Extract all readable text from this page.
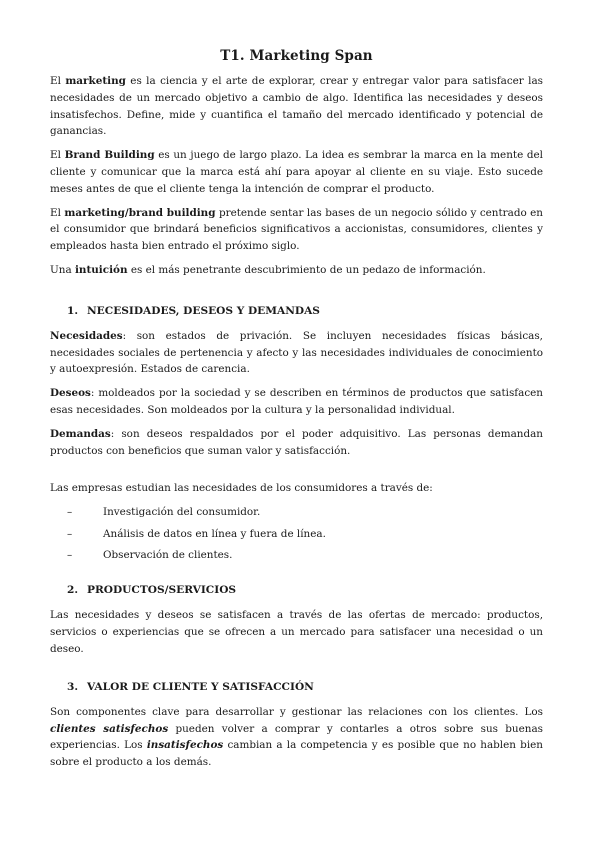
T1. Marketing Span

El marketing es la ciencia y el arte de explorar, crear y entregar valor para satisfacer las necesidades de un mercado objetivo a cambio de algo. Identifica las necesidades y deseos insatisfechos. Define, mide y cuantifica el tamaño del mercado identificado y potencial de ganancias.

El Brand Building es un juego de largo plazo. La idea es sembrar la marca en la mente del cliente y comunicar que la marca está ahí para apoyar al cliente en su viaje. Esto sucede meses antes de que el cliente tenga la intención de comprar el producto.

El marketing/brand building pretende sentar las bases de un negocio sólido y centrado en el consumidor que brindará beneficios significativos a accionistas, consumidores, clientes y empleados hasta bien entrado el próximo siglo.

Una intuición es el más penetrante descubrimiento de un pedazo de información.

1. NECESIDADES, DESEOS Y DEMANDAS

Necesidades: son estados de privación. Se incluyen necesidades físicas básicas, necesidades sociales de pertenencia y afecto y las necesidades individuales de conocimiento y autoexpresión. Estados de carencia.

Deseos: moldeados por la sociedad y se describen en términos de productos que satisfacen esas necesidades. Son moldeados por la cultura y la personalidad individual.

Demandas: son deseos respaldados por el poder adquisitivo. Las personas demandan productos con beneficios que suman valor y satisfacción.

Las empresas estudian las necesidades de los consumidores a través de:

–	Investigación del consumidor.
–	Análisis de datos en línea y fuera de línea.
–	Observación de clientes.
2. PRODUCTOS/SERVICIOS

Las necesidades y deseos se satisfacen a través de las ofertas de mercado: productos, servicios o experiencias que se ofrecen a un mercado para satisfacer una necesidad o un deseo.

3. VALOR DE CLIENTE Y SATISFACCIÓN

Son componentes clave para desarrollar y gestionar las relaciones con los clientes. Los clientes satisfechos pueden volver a comprar y contarles a otros sobre sus buenas experiencias. Los insatisfechos cambian a la competencia y es posible que no hablen bien sobre el producto a los demás.
